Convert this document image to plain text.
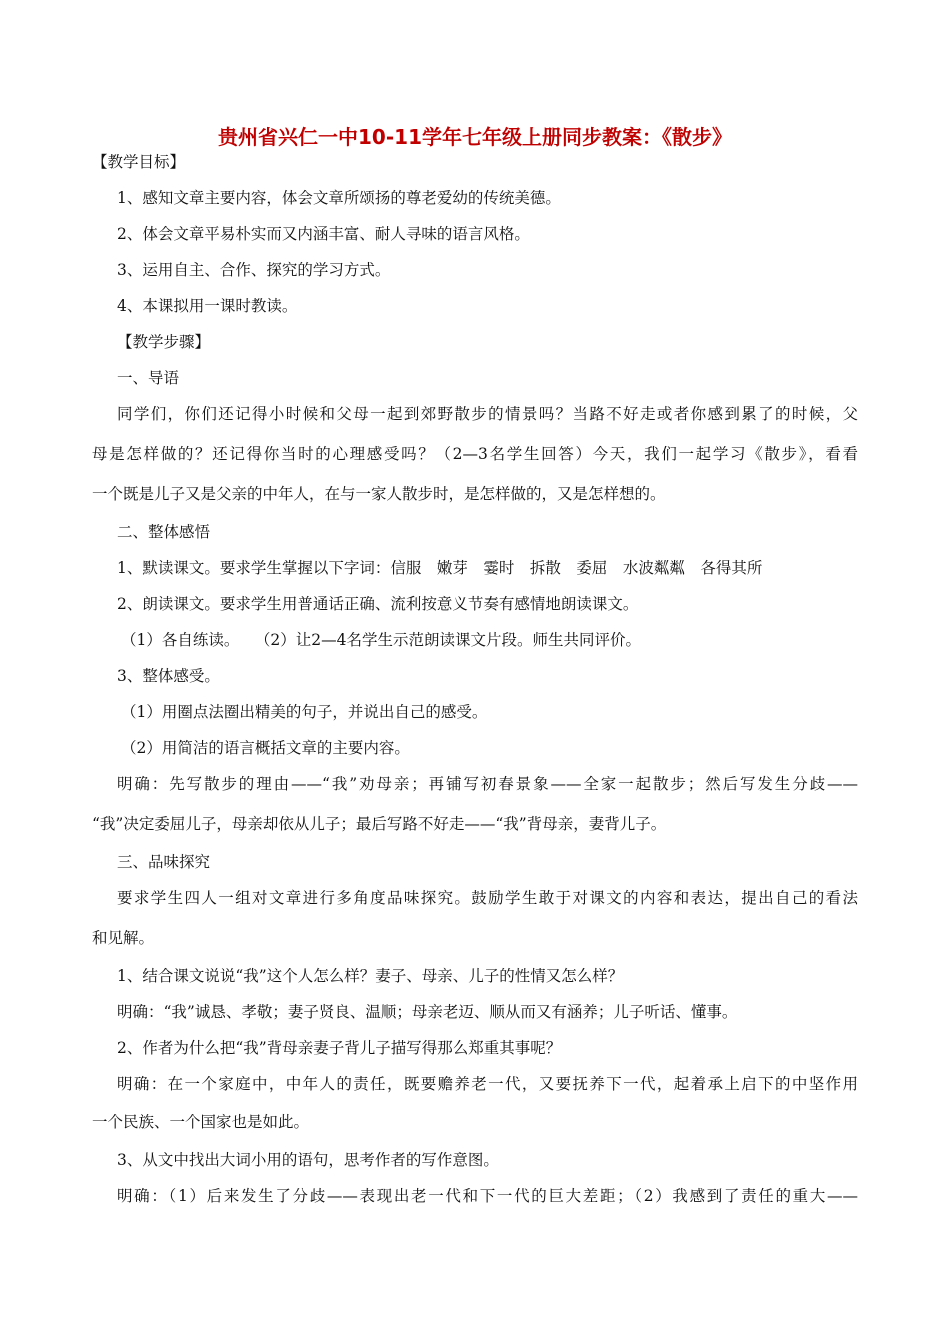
贵州省兴仁一中10-11学年七年级上册同步教案：《散步》
【教学目标】
1、感知文章主要内容，体会文章所颂扬的尊老爱幼的传统美德。
2、体会文章平易朴实而又内涵丰富、耐人寻味的语言风格。
3、运用自主、合作、探究的学习方式。
4、本课拟用一课时教读。
【教学步骤】
一、导语
同学们，你们还记得小时候和父母一起到郊野散步的情景吗？当路不好走或者你感到累了的时候，父
母是怎样做的？还记得你当时的心理感受吗？（2—3名学生回答）今天，我们一起学习《散步》，看看
一个既是儿子又是父亲的中年人，在与一家人散步时，是怎样做的，又是怎样想的。
二、整体感悟
1、默读课文。要求学生掌握以下字词：信服　嫩芽　霎时　拆散　委屈　水波粼粼　各得其所
2、朗读课文。要求学生用普通话正确、流利按意义节奏有感情地朗读课文。
（1）各自练读。　　（2）让2—4名学生示范朗读课文片段。师生共同评价。
3、整体感受。
（1）用圈点法圈出精美的句子，并说出自己的感受。
（2）用简洁的语言概括文章的主要内容。
明确：先写散步的理由——“我”劝母亲；再铺写初春景象——全家一起散步；然后写发生分歧——
“我”决定委屈儿子，母亲却依从儿子；最后写路不好走——“我”背母亲，妻背儿子。
三、品味探究
要求学生四人一组对文章进行多角度品味探究。鼓励学生敢于对课文的内容和表达，提出自己的看法
和见解。
1、结合课文说说“我”这个人怎么样？妻子、母亲、儿子的性情又怎么样？
明确：“我”诚恳、孝敬；妻子贤良、温顺；母亲老迈、顺从而又有涵养；儿子听话、懂事。
2、作者为什么把“我”背母亲妻子背儿子描写得那么郑重其事呢？
明确：在一个家庭中，中年人的责任，既要赡养老一代，又要抚养下一代，起着承上启下的中坚作用
一个民族、一个国家也是如此。
3、从文中找出大词小用的语句，思考作者的写作意图。
明确：（1）后来发生了分歧——表现出老一代和下一代的巨大差距；（2）我感到了责任的重大——
